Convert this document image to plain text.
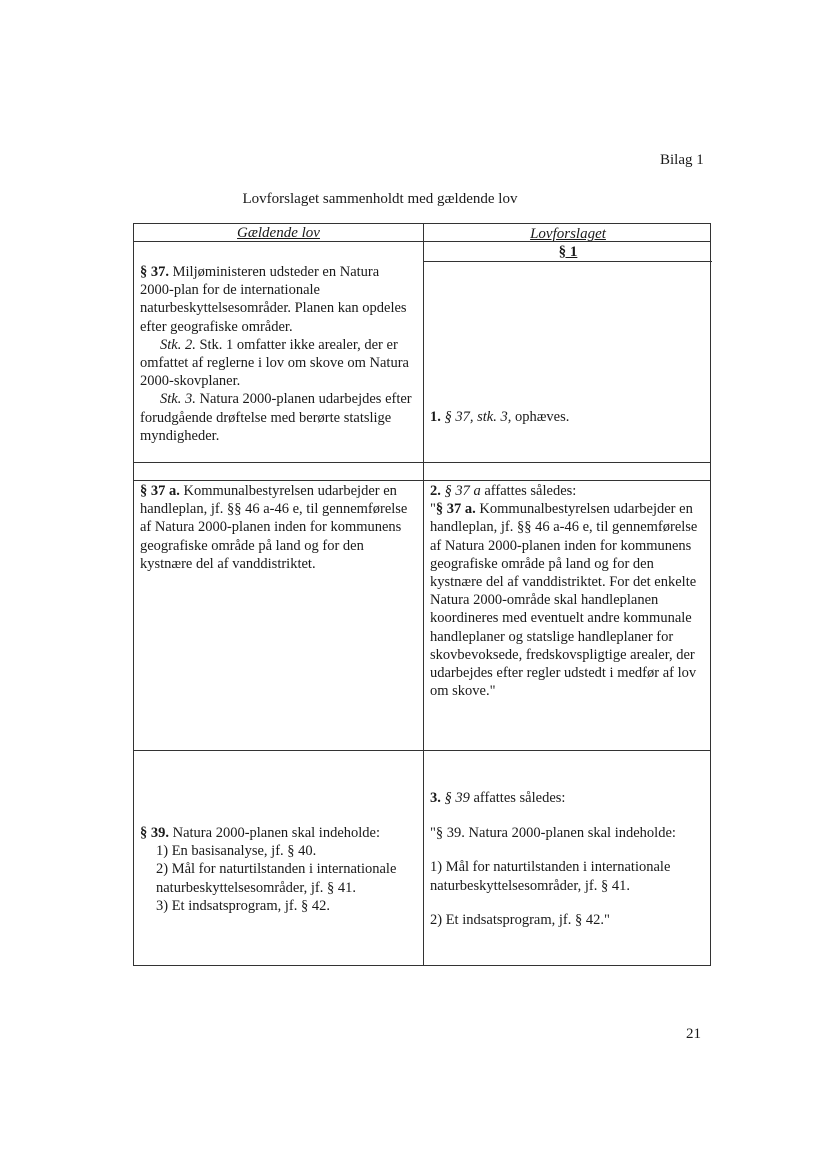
Bilag 1
Lovforslaget sammenholdt med gældende lov
Gældende lov	Lovforslaget
§ 1

§ 37. Miljøministeren udsteder en Natura 2000-plan for de internationale naturbeskyttelsesområder. Planen kan opdeles efter geografiske områder.

Stk. 2. Stk. 1 omfatter ikke arealer, der er omfattet af reglerne i lov om skove om Natura 2000-skovplaner.

Stk. 3. Natura 2000-planen udarbejdes efter forudgående drøftelse med berørte statslige myndigheder.

1. § 37, stk. 3, ophæves.

§ 37 a. Kommunalbestyrelsen udarbejder en handleplan, jf. §§ 46 a-46 e, til gennemførelse af Natura 2000-planen inden for kommunens geografiske område på land og for den kystnære del af vanddistriktet.

2. § 37 a affattes således:

"§ 37 a. Kommunalbestyrelsen udarbejder en handleplan, jf. §§ 46 a-46 e, til gennemførelse af Natura 2000-planen inden for kommunens geografiske område på land og for den kystnære del af vanddistriktet. For det enkelte Natura 2000-område skal handleplanen koordineres med eventuelt andre kommunale handleplaner og statslige handleplaner for skovbevoksede, fredskovspligtige arealer, der udarbejdes efter regler udstedt i medfør af lov om skove."

§ 39. Natura 2000-planen skal indeholde:

1) En basisanalyse, jf. § 40.

2) Mål for naturtilstanden i internationale naturbeskyttelsesområder, jf. § 41.

3) Et indsatsprogram, jf. § 42.

3. § 39 affattes således:

"§ 39. Natura 2000-planen skal indeholde:

1) Mål for naturtilstanden i internationale naturbeskyttelsesområder, jf. § 41.

2) Et indsatsprogram, jf. § 42."

21
